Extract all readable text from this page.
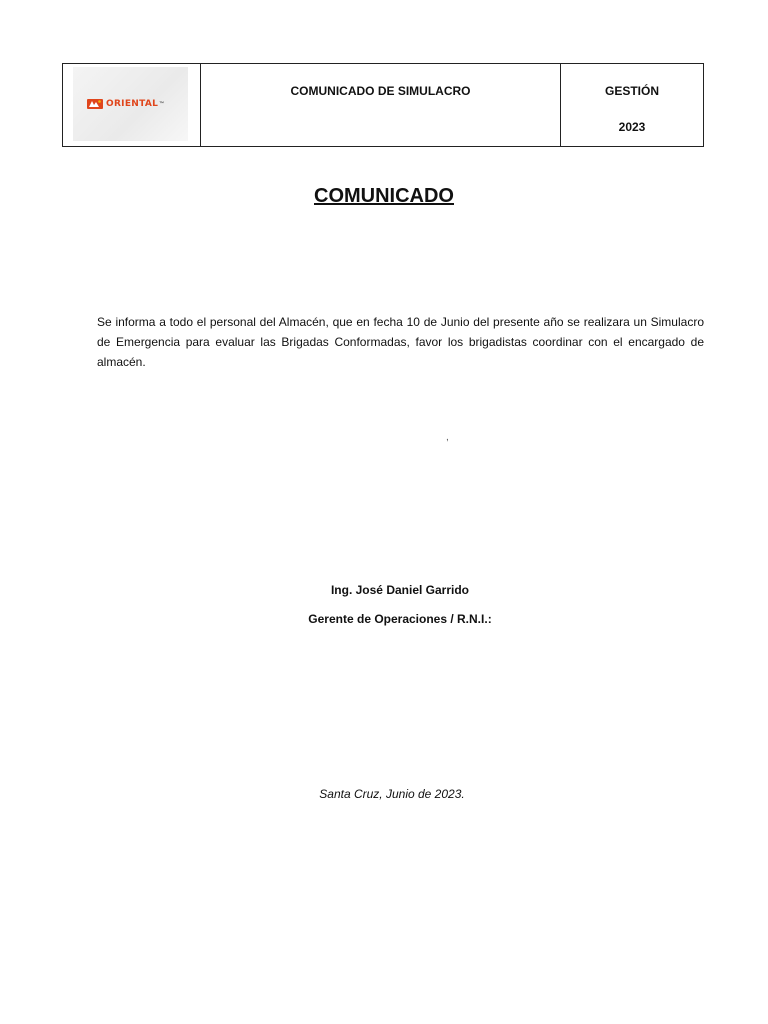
ORIENTAL ™

COMUNICADO DE SIMULACRO	GESTIÓN
2023
COMUNICADO

Se informa a todo el personal del Almacén, que en fecha 10 de Junio del presente año se realizara un Simulacro de Emergencia para evaluar las Brigadas Conformadas, favor los brigadistas coordinar con el encargado de almacén.

,
Ing. José Daniel Garrido
Gerente de Operaciones / R.N.I.:
Santa Cruz, Junio de 2023.
